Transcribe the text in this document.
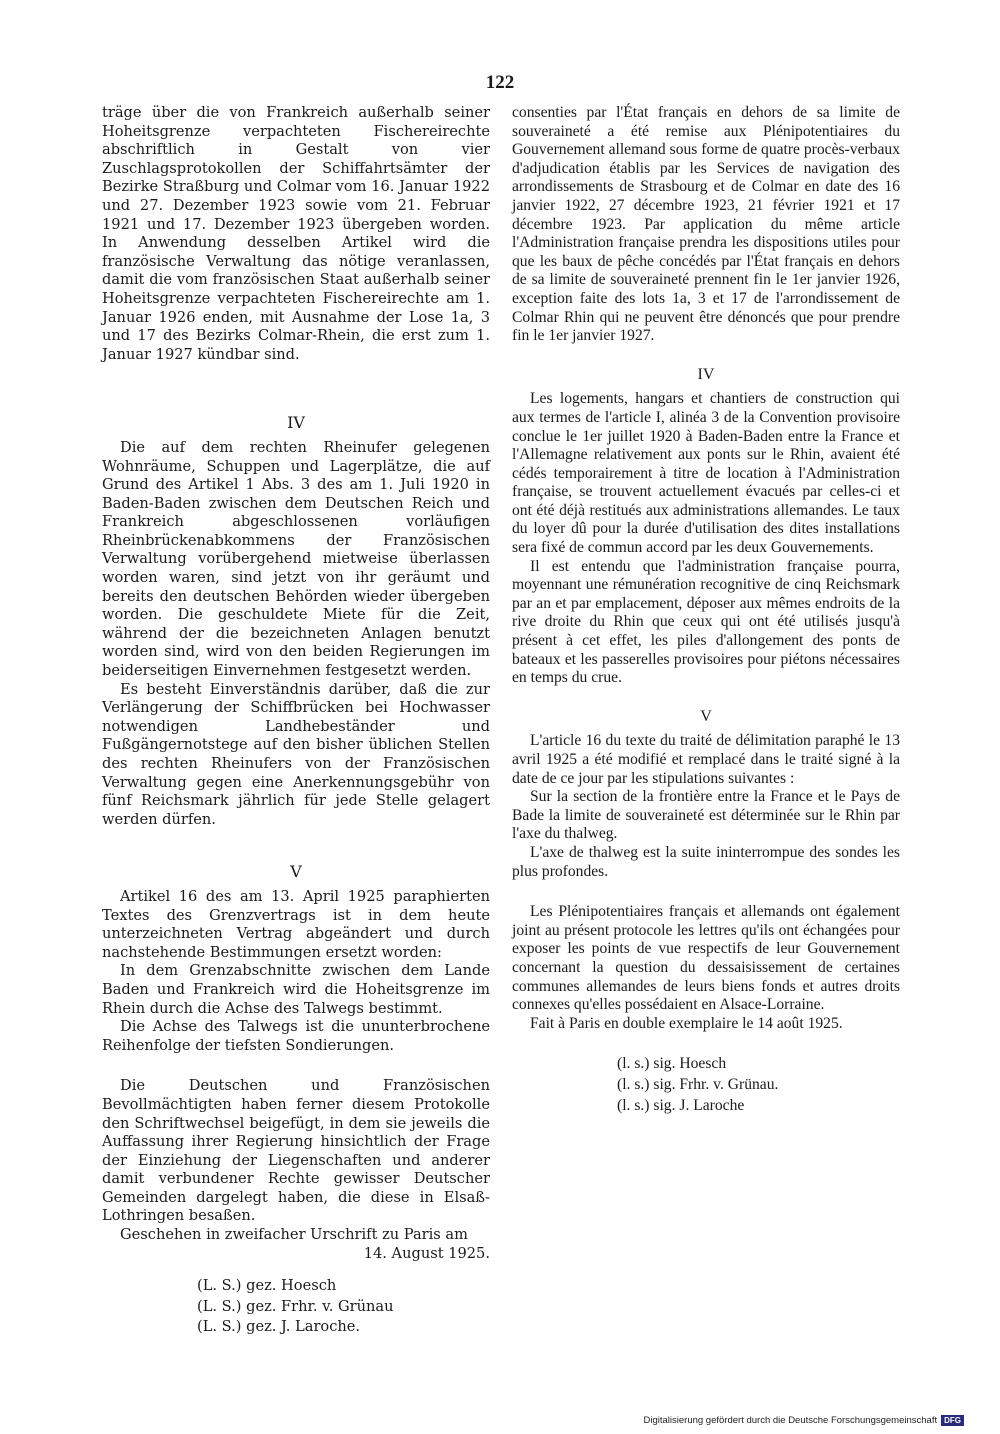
122

träge über die von Frankreich außerhalb seiner Hoheitsgrenze verpachteten Fischereirechte abschriftlich in Gestalt von vier Zuschlagsprotokollen der Schiffahrtsämter der Bezirke Straßburg und Colmar vom 16. Januar 1922 und 27. Dezember 1923 sowie vom 21. Februar 1921 und 17. Dezember 1923 übergeben worden. In Anwendung desselben Artikel wird die französische Verwaltung das nötige veranlassen, damit die vom französischen Staat außerhalb seiner Hoheitsgrenze verpachteten Fischereirechte am 1. Januar 1926 enden, mit Ausnahme der Lose 1a, 3 und 17 des Bezirks Colmar-Rhein, die erst zum 1. Januar 1927 kündbar sind.

IV

Die auf dem rechten Rheinufer gelegenen Wohnräume, Schuppen und Lagerplätze, die auf Grund des Artikel 1 Abs. 3 des am 1. Juli 1920 in Baden-Baden zwischen dem Deutschen Reich und Frankreich abgeschlossenen vorläufigen Rheinbrückenabkommens der Französischen Verwaltung vorübergehend mietweise überlassen worden waren, sind jetzt von ihr geräumt und bereits den deutschen Behörden wieder übergeben worden. Die geschuldete Miete für die Zeit, während der die bezeichneten Anlagen benutzt worden sind, wird von den beiden Regierungen im beiderseitigen Einvernehmen festgesetzt werden.

Es besteht Einverständnis darüber, daß die zur Verlängerung der Schiffbrücken bei Hochwasser notwendigen Landhebeständer und Fußgängernotstege auf den bisher üblichen Stellen des rechten Rheinufers von der Französischen Verwaltung gegen eine Anerkennungsgebühr von fünf Reichsmark jährlich für jede Stelle gelagert werden dürfen.

V

Artikel 16 des am 13. April 1925 paraphierten Textes des Grenzvertrags ist in dem heute unterzeichneten Vertrag abgeändert und durch nachstehende Bestimmungen ersetzt worden:

In dem Grenzabschnitte zwischen dem Lande Baden und Frankreich wird die Hoheitsgrenze im Rhein durch die Achse des Talwegs bestimmt.

Die Achse des Talwegs ist die ununterbrochene Reihenfolge der tiefsten Sondierungen.

Die Deutschen und Französischen Bevollmächtigten haben ferner diesem Protokolle den Schriftwechsel beigefügt, in dem sie jeweils die Auffassung ihrer Regierung hinsichtlich der Frage der Einziehung der Liegenschaften und anderer damit verbundener Rechte gewisser Deutscher Gemeinden dargelegt haben, die diese in Elsaß-Lothringen besaßen.

Geschehen in zweifacher Urschrift zu Paris am

14. August 1925.

(L. S.) gez. Hoesch
(L. S.) gez. Frhr. v. Grünau
(L. S.) gez. J. Laroche.

consenties par l'État français en dehors de sa limite de souveraineté a été remise aux Plénipotentiaires du Gouvernement allemand sous forme de quatre procès-verbaux d'adjudication établis par les Services de navigation des arrondissements de Strasbourg et de Colmar en date des 16 janvier 1922, 27 décembre 1923, 21 février 1921 et 17 décembre 1923. Par application du même article l'Administration française prendra les dispositions utiles pour que les baux de pêche concédés par l'État français en dehors de sa limite de souveraineté prennent fin le 1er janvier 1926, exception faite des lots 1a, 3 et 17 de l'arrondissement de Colmar Rhin qui ne peuvent être dénoncés que pour prendre fin le 1er janvier 1927.

IV

Les logements, hangars et chantiers de construction qui aux termes de l'article I, alinéa 3 de la Convention provisoire conclue le 1er juillet 1920 à Baden-Baden entre la France et l'Allemagne relativement aux ponts sur le Rhin, avaient été cédés temporairement à titre de location à l'Administration française, se trouvent actuellement évacués par celles-ci et ont été déjà restitués aux administrations allemandes. Le taux du loyer dû pour la durée d'utilisation des dites installations sera fixé de commun accord par les deux Gouvernements.

Il est entendu que l'administration française pourra, moyennant une rémunération recognitive de cinq Reichsmark par an et par emplacement, déposer aux mêmes endroits de la rive droite du Rhin que ceux qui ont été utilisés jusqu'à présent à cet effet, les piles d'allongement des ponts de bateaux et les passerelles provisoires pour piétons nécessaires en temps du crue.

V

L'article 16 du texte du traité de délimitation paraphé le 13 avril 1925 a été modifié et remplacé dans le traité signé à la date de ce jour par les stipulations suivantes :

Sur la section de la frontière entre la France et le Pays de Bade la limite de souveraineté est déterminée sur le Rhin par l'axe du thalweg.

L'axe de thalweg est la suite ininterrompue des sondes les plus profondes.

Les Plénipotentiaires français et allemands ont également joint au présent protocole les lettres qu'ils ont échangées pour exposer les points de vue respectifs de leur Gouvernement concernant la question du dessaisissement de certaines communes allemandes de leurs biens fonds et autres droits connexes qu'elles possédaient en Alsace-Lorraine.

Fait à Paris en double exemplaire le 14 août 1925.

(l. s.) sig. Hoesch
(l. s.) sig. Frhr. v. Grünau.
(l. s.) sig. J. Laroche
Digitalisierung gefördert durch die Deutsche Forschungsgemeinschaft DFG
